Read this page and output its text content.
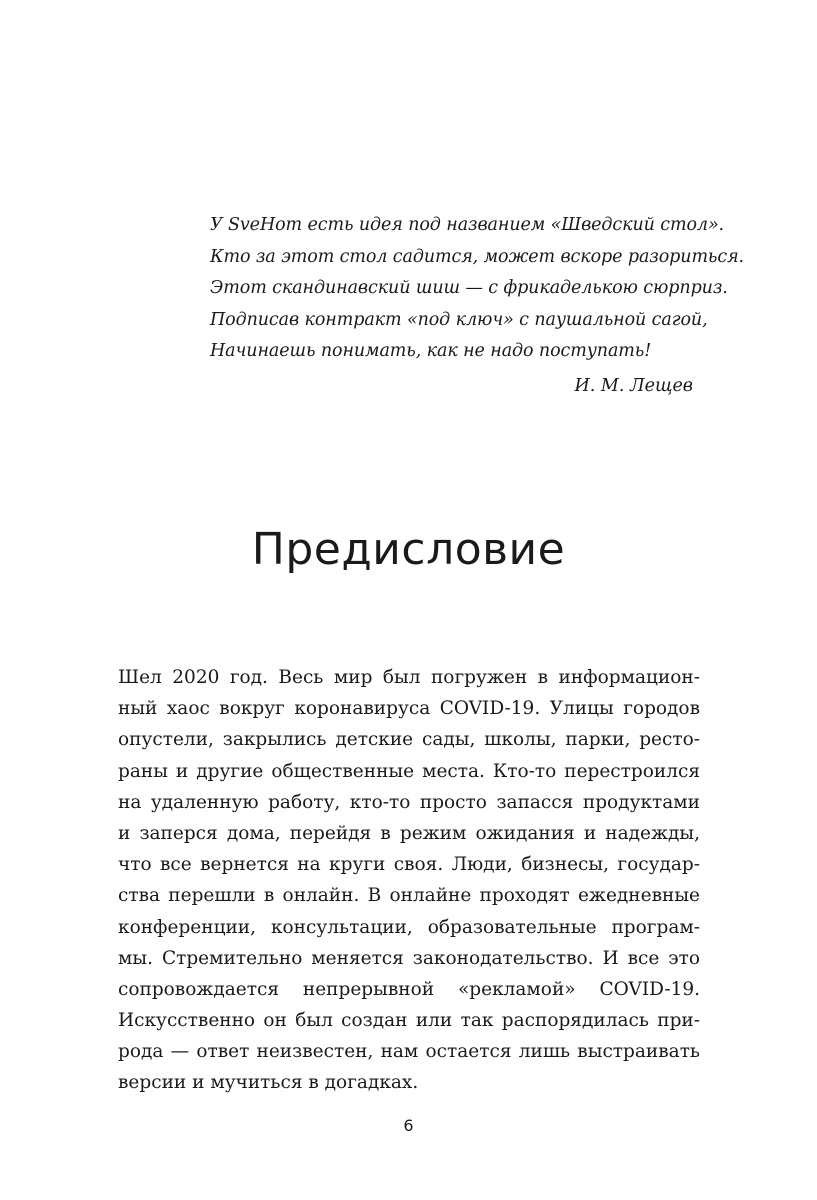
У SveHom есть идея под названием «Шведский стол».
Кто за этот стол садится, может вскоре разориться.
Этот скандинавский шиш — с фрикаделькою сюрприз.
Подписав контракт «под ключ» с паушальной сагой,
Начинаешь понимать, как не надо поступать!
И. М. Лещев
Предисловие
Шел 2020 год. Весь мир был погружен в информацион-
ный хаос вокруг коронавируса COVID-19. Улицы городов
опустели, закрылись детские сады, школы, парки, ресто-
раны и другие общественные места. Кто-то перестроился
на удаленную работу, кто-то просто запасся продуктами
и заперся дома, перейдя в режим ожидания и надежды,
что все вернется на круги своя. Люди, бизнесы, государ-
ства перешли в онлайн. В онлайне проходят ежедневные
конференции, консультации, образовательные програм-
мы. Стремительно меняется законодательство. И все это
сопровождается непрерывной «рекламой» COVID-19.
Искусственно он был создан или так распорядилась при-
рода — ответ неизвестен, нам остается лишь выстраивать
версии и мучиться в догадках.
6
